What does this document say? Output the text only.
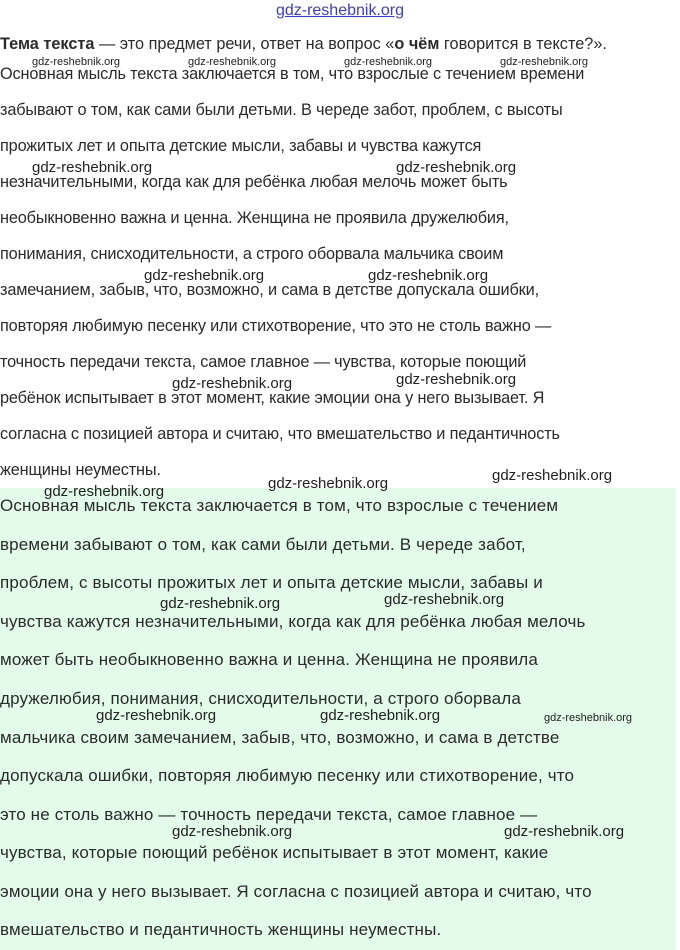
gdz-reshebnik.org
Тема текста — это предмет речи, ответ на вопрос «о чём говорится в тексте?».
Основная мысль текста заключается в том, что взрослые с течением времени
забывают о том, как сами были детьми. В череде забот, проблем, с высоты
прожитых лет и опыта детские мысли, забавы и чувства кажутся
незначительными, когда как для ребёнка любая мелочь может быть
необыкновенно важна и ценна. Женщина не проявила дружелюбия,
понимания, снисходительности, а строго оборвала мальчика своим
замечанием, забыв, что, возможно, и сама в детстве допускала ошибки,
повторяя любимую песенку или стихотворение, что это не столь важно —
точность передачи текста, самое главное — чувства, которые поющий
ребёнок испытывает в этот момент, какие эмоции она у него вызывает. Я
согласна с позицией автора и считаю, что вмешательство и педантичность
женщины неуместны.
Основная мысль текста заключается в том, что взрослые с течением
времени забывают о том, как сами были детьми. В череде забот,
проблем, с высоты прожитых лет и опыта детские мысли, забавы и
чувства кажутся незначительными, когда как для ребёнка любая мелочь
может быть необыкновенно важна и ценна. Женщина не проявила
дружелюбия, понимания, снисходительности, а строго оборвала
мальчика своим замечанием, забыв, что, возможно, и сама в детстве
допускала ошибки, повторяя любимую песенку или стихотворение, что
это не столь важно — точность передачи текста, самое главное —
чувства, которые поющий ребёнок испытывает в этот момент, какие
эмоции она у него вызывает. Я согласна с позицией автора и считаю, что
вмешательство и педантичность женщины неуместны.
gdz-reshebnik.org	gdz-reshebnik.org	gdz-reshebnik.org	gdz-reshebnik.org
gdz-reshebnik.org	gdz-reshebnik.org
gdz-reshebnik.org	gdz-reshebnik.org
gdz-reshebnik.org	gdz-reshebnik.org
gdz-reshebnik.org	gdz-reshebnik.org
gdz-reshebnik.org
gdz-reshebnik.org	gdz-reshebnik.org
gdz-reshebnik.org	gdz-reshebnik.org	gdz-reshebnik.org
gdz-reshebnik.org	gdz-reshebnik.org
